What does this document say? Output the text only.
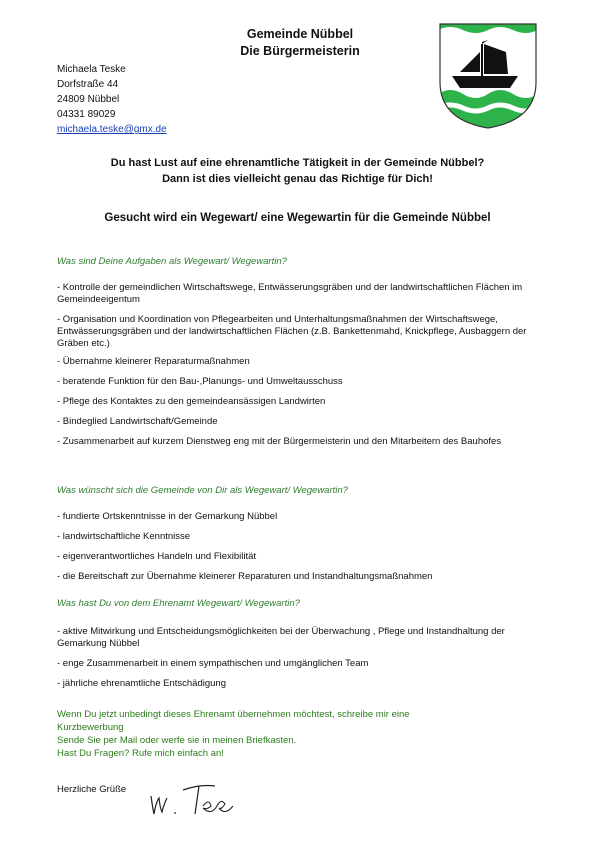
Gemeinde Nübbel
Die Bürgermeisterin
Michaela Teske
Dorfstraße 44
24809 Nübbel
04331 89029
michaela.teske@gmx.de
Du hast Lust auf eine ehrenamtliche Tätigkeit in der Gemeinde Nübbel?
Dann ist dies vielleicht genau das Richtige für Dich!
Gesucht wird ein Wegewart/ eine Wegewartin für die Gemeinde Nübbel
Was sind Deine Aufgaben als Wegewart/ Wegewartin?

- Kontrolle der gemeindlichen Wirtschaftswege, Entwässerungsgräben und der landwirtschaftlichen Flächen im Gemeindeeigentum

- Organisation und Koordination von Pflegearbeiten und Unterhaltungsmaßnahmen der Wirtschaftswege, Entwässerungsgräben und der landwirtschaftlichen Flächen (z.B. Bankettenmahd, Knickpflege, Ausbaggern der Gräben etc.)

- Übernahme kleinerer Reparaturmaßnahmen

- beratende Funktion für den Bau-,Planungs- und Umweltausschuss

- Pflege des Kontaktes zu den gemeindeansässigen Landwirten

- Bindeglied Landwirtschaft/Gemeinde

- Zusammenarbeit auf kurzem Dienstweg eng mit der Bürgermeisterin und den Mitarbeitern des Bauhofes

Was wünscht sich die Gemeinde von Dir als Wegewart/ Wegewartin?

- fundierte Ortskenntnisse in der Gemarkung Nübbel

- landwirtschaftliche Kenntnisse

- eigenverantwortliches Handeln und Flexibilität

- die Bereitschaft zur Übernahme kleinerer Reparaturen und Instandhaltungsmaßnahmen

Was hast Du von dem Ehrenamt Wegewart/ Wegewartin?

- aktive Mitwirkung und Entscheidungsmöglichkeiten bei der Überwachung , Pflege und Instandhaltung der Gemarkung Nübbel

- enge Zusammenarbeit in einem sympathischen und umgänglichen Team

- jährliche ehrenamtliche Entschädigung

Wenn Du jetzt unbedingt dieses Ehrenamt übernehmen möchtest, schreibe mir eine
Kurzbewerbung
Sende Sie per Mail oder werfe sie in meinen Briefkasten.
Hast Du Fragen? Rufe mich einfach an!
Herzliche Grüße
